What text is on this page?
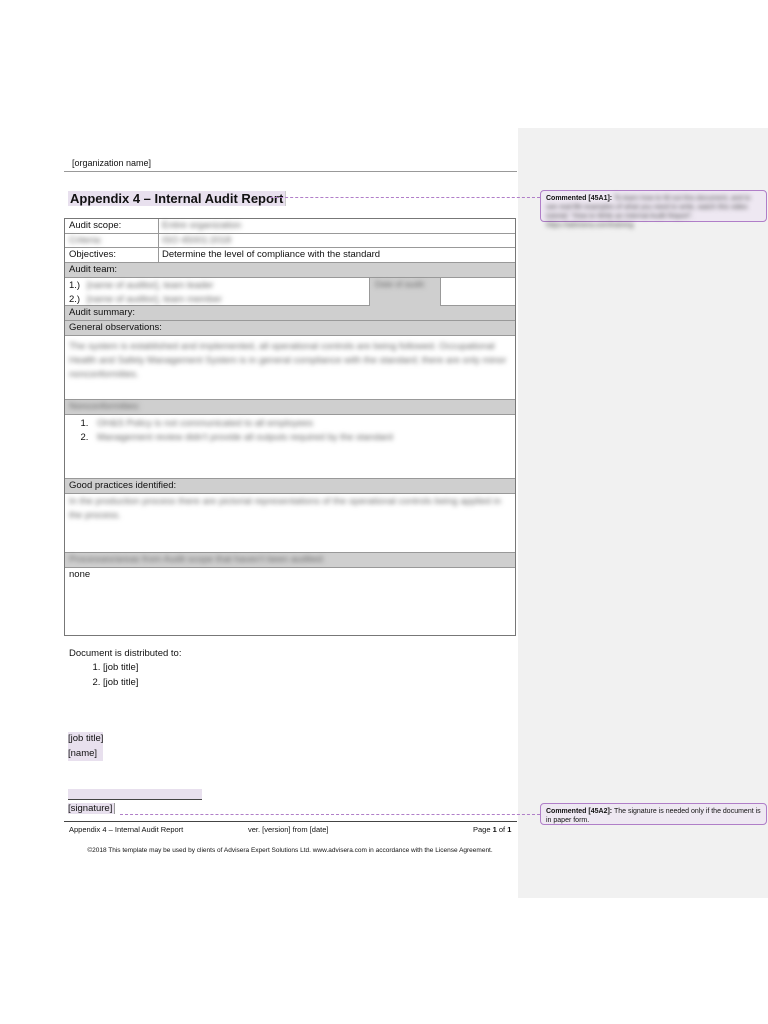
[organization name]
Appendix 4 – Internal Audit Report
Audit scope:	Entire organization
Criteria:	ISO 45001:2018
Objectives:	Determine the level of compliance with the standard
Audit team:
1.) [name of auditor], team leader
2.) [name of auditor], team member
Date of audit:
Audit summary:
General observations:
The system is established and implemented, all operational controls are being followed. Occupational Health and Safety Management System is in general compliance with the standard; there are only minor nonconformities.
Nonconformities:
1. OH&S Policy is not communicated to all employees
2. Management review didn't provide all outputs required by the standard
Good practices identified:
In the production process there are pictorial representations of the operational controls being applied in the process.
Processes/areas from Audit scope that haven't been audited:
none
Document is distributed to:
1. [job title]
2. [job title]
[job title]
[name]
[signature]
Appendix 4 – Internal Audit Report	ver. [version] from [date]	Page 1 of 1
©2018 This template may be used by clients of Advisera Expert Solutions Ltd. www.advisera.com in accordance with the License Agreement.
Commented [45A1]: To learn how to fill out this document, and to see real-life examples of what you need to write, watch this video tutorial: "How to Write an Internal Audit Report". https://advisera.com/training
Commented [45A2]: The signature is needed only if the document is in paper form.
